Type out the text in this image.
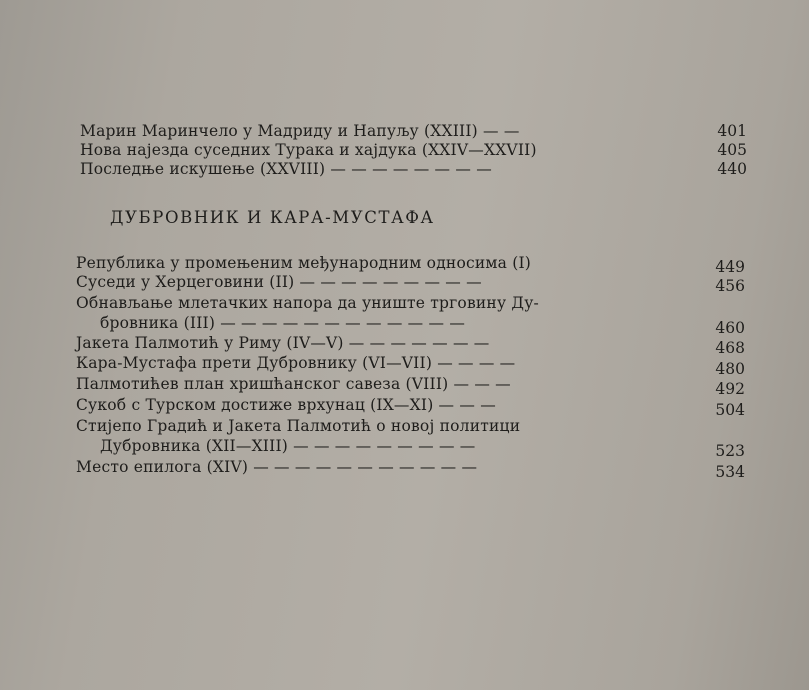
Марин Маринчело у Мадриду и Напуљу (XXIII) — —	401
Нова најезда суседних Турака и хајдука (XXIV—XXVII)	405
Последње искушење (XXVIII) — — — — — — — —	440
ДУБРОВНИК И КАРА-МУСТАФА
Република у промењеним међународним односима (I)	449
Суседи у Херцеговини (II) — — — — — — — — —	456
Обнављање млетачких напора да униште трговину Ду-
бровника (III) — — — — — — — — — — — —	460
Јакета Палмотић у Риму (IV—V) — — — — — — —	468
Кара-Мустафа прети Дубровнику (VI—VII) — — — —	480
Палмотићев план хришћанског савеза (VIII) — — —	492
Сукоб с Турском достиже врхунац (IX—XI) — — —	504
Стијепо Градић и Јакета Палмотић о новој политици
Дубровника (XII—XIII) — — — — — — — — —	523
Место епилога (XIV) — — — — — — — — — — —	534
